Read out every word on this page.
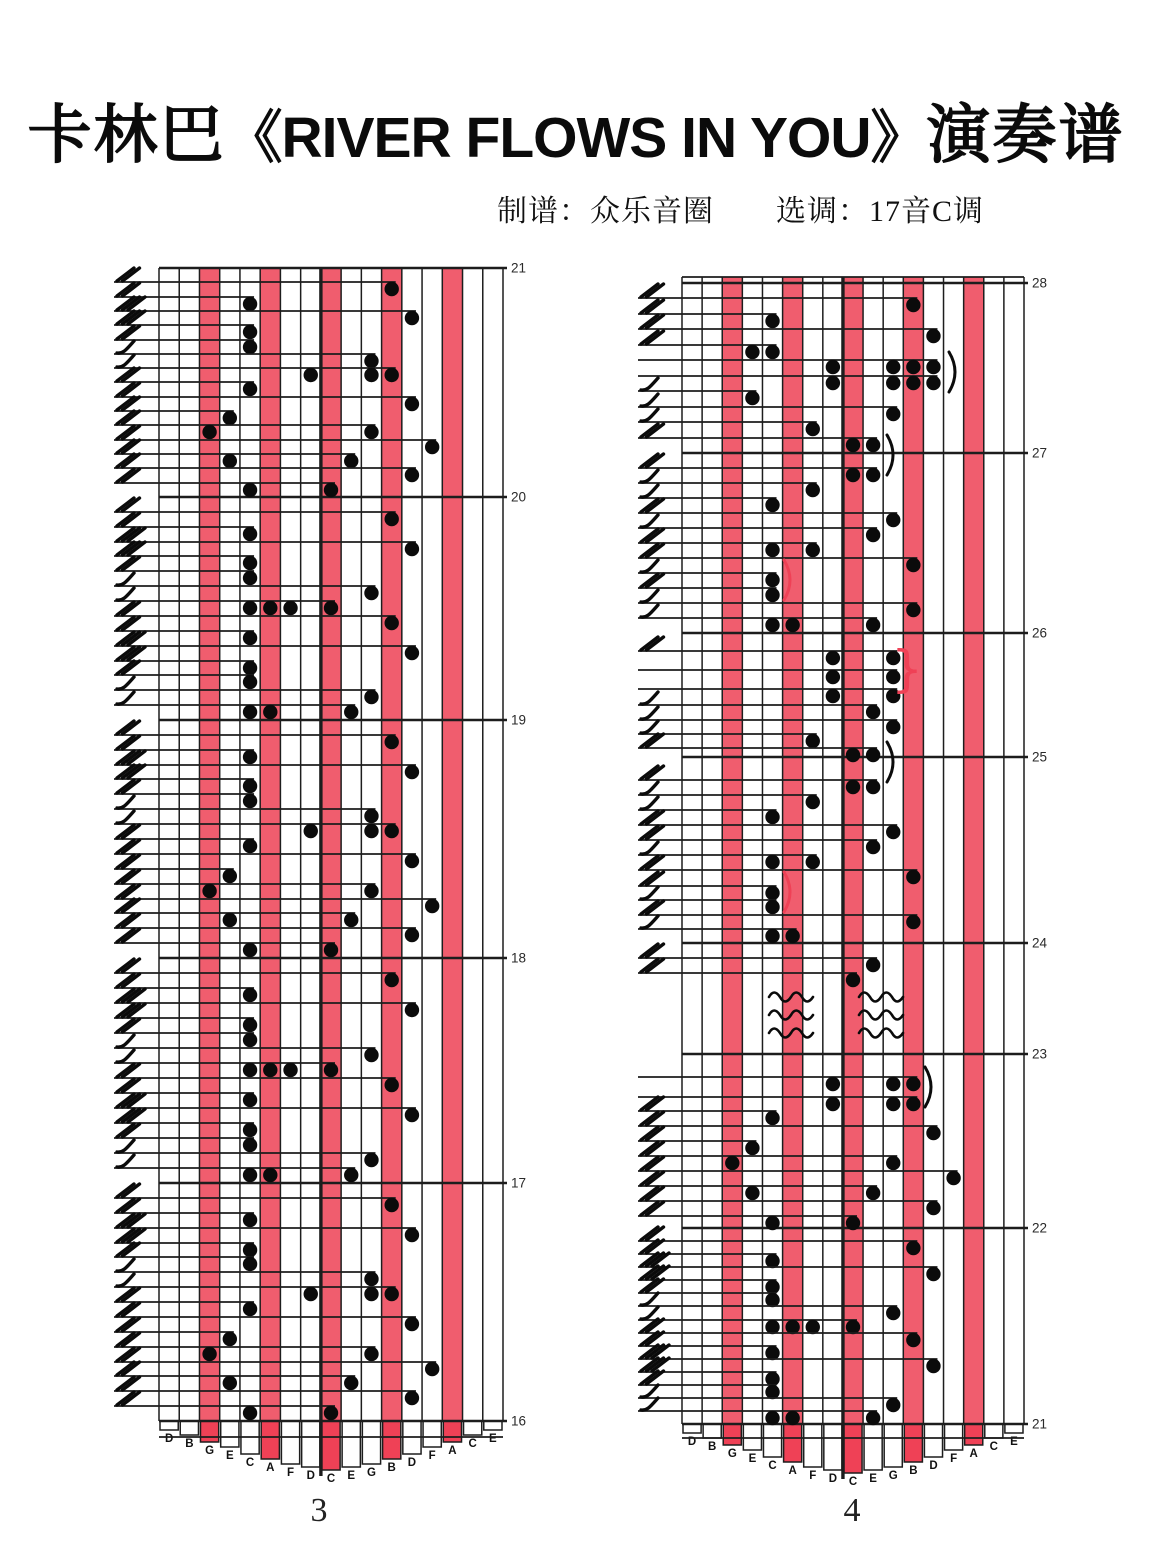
卡林巴《RIVER FLOWS IN YOU》演奏谱
制谱：众乐音圈　　选调：17音C调
D B
G E
C A F D C E G B D
F A
C E
21
20
19
18
17
16
D B
G E
C A F D C E G B D
F A
C E
28
27
26
25
24
23
22
21
}
3	4
